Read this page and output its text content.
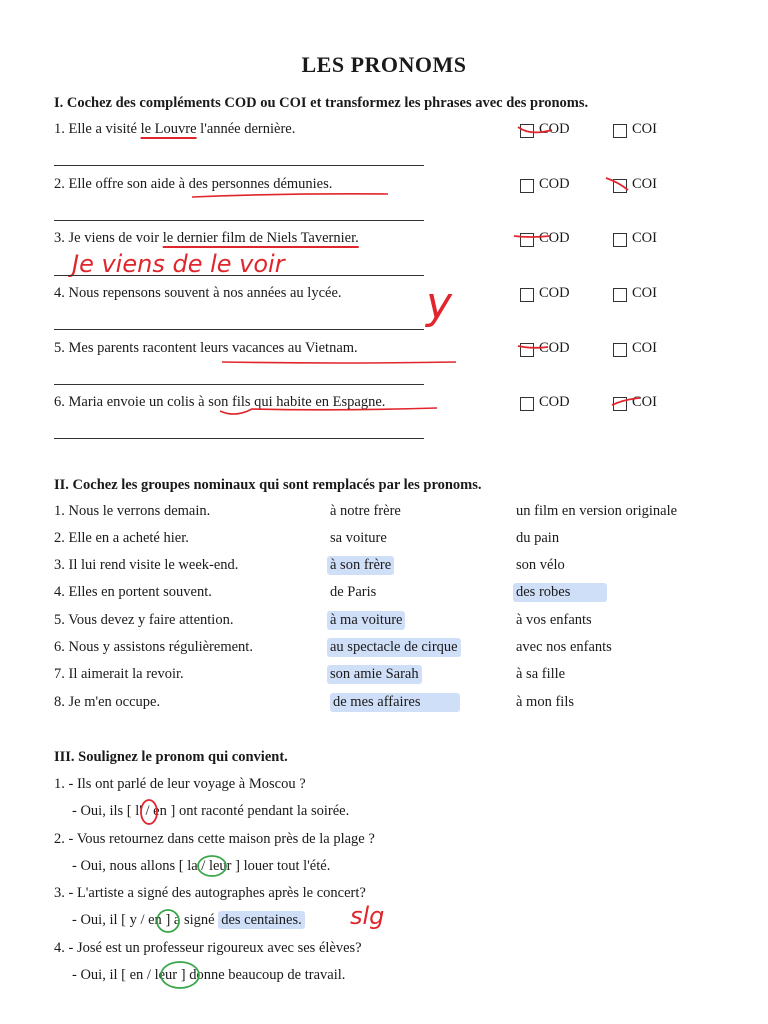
LES PRONOMS
I. Cochez des compléments COD ou COI et transformez les phrases avec des pronoms.
1. Elle a visité le Louvre l'année dernière.	COD	COI
2. Elle offre son aide à des personnes démunies.	COD	COI
3. Je viens de voir le dernier film de Niels Tavernier.	COD	COI
Je viens de le voir
4. Nous repensons souvent à nos années au lycée.	COD	COI
y
5. Mes parents racontent leurs vacances au Vietnam.	COD	COI
6. Maria envoie un colis à son fils qui habite en Espagne.	COD	COI
II. Cochez les groupes nominaux qui sont remplacés par les pronoms.
1. Nous le verrons demain.	à notre frère	un film en version originale
2. Elle en a acheté hier.	sa voiture	du pain
3. Il lui rend visite le week-end.	à son frère	son vélo
4. Elles en portent souvent.	de Paris	des robes
5. Vous devez y faire attention.	à ma voiture	à vos enfants
6. Nous y assistons régulièrement.	au spectacle de cirque	avec nos enfants
7. Il aimerait la revoir.	son amie Sarah	à sa fille
8. Je m'en occupe.	de mes affaires	à mon fils
III. Soulignez le pronom qui convient.
1. - Ils ont parlé de leur voyage à Moscou ?
- Oui, ils [ l' / en ] ont raconté pendant la soirée.
2. - Vous retournez dans cette maison près de la plage ?
- Oui, nous allons [ la / leur ] louer tout l'été.
3. - L'artiste a signé des autographes après le concert?
- Oui, il [ y / en ] a signé des centaines. slg
4. - José est un professeur rigoureux avec ses élèves?
- Oui, il [ en / leur ] donne beaucoup de travail.
